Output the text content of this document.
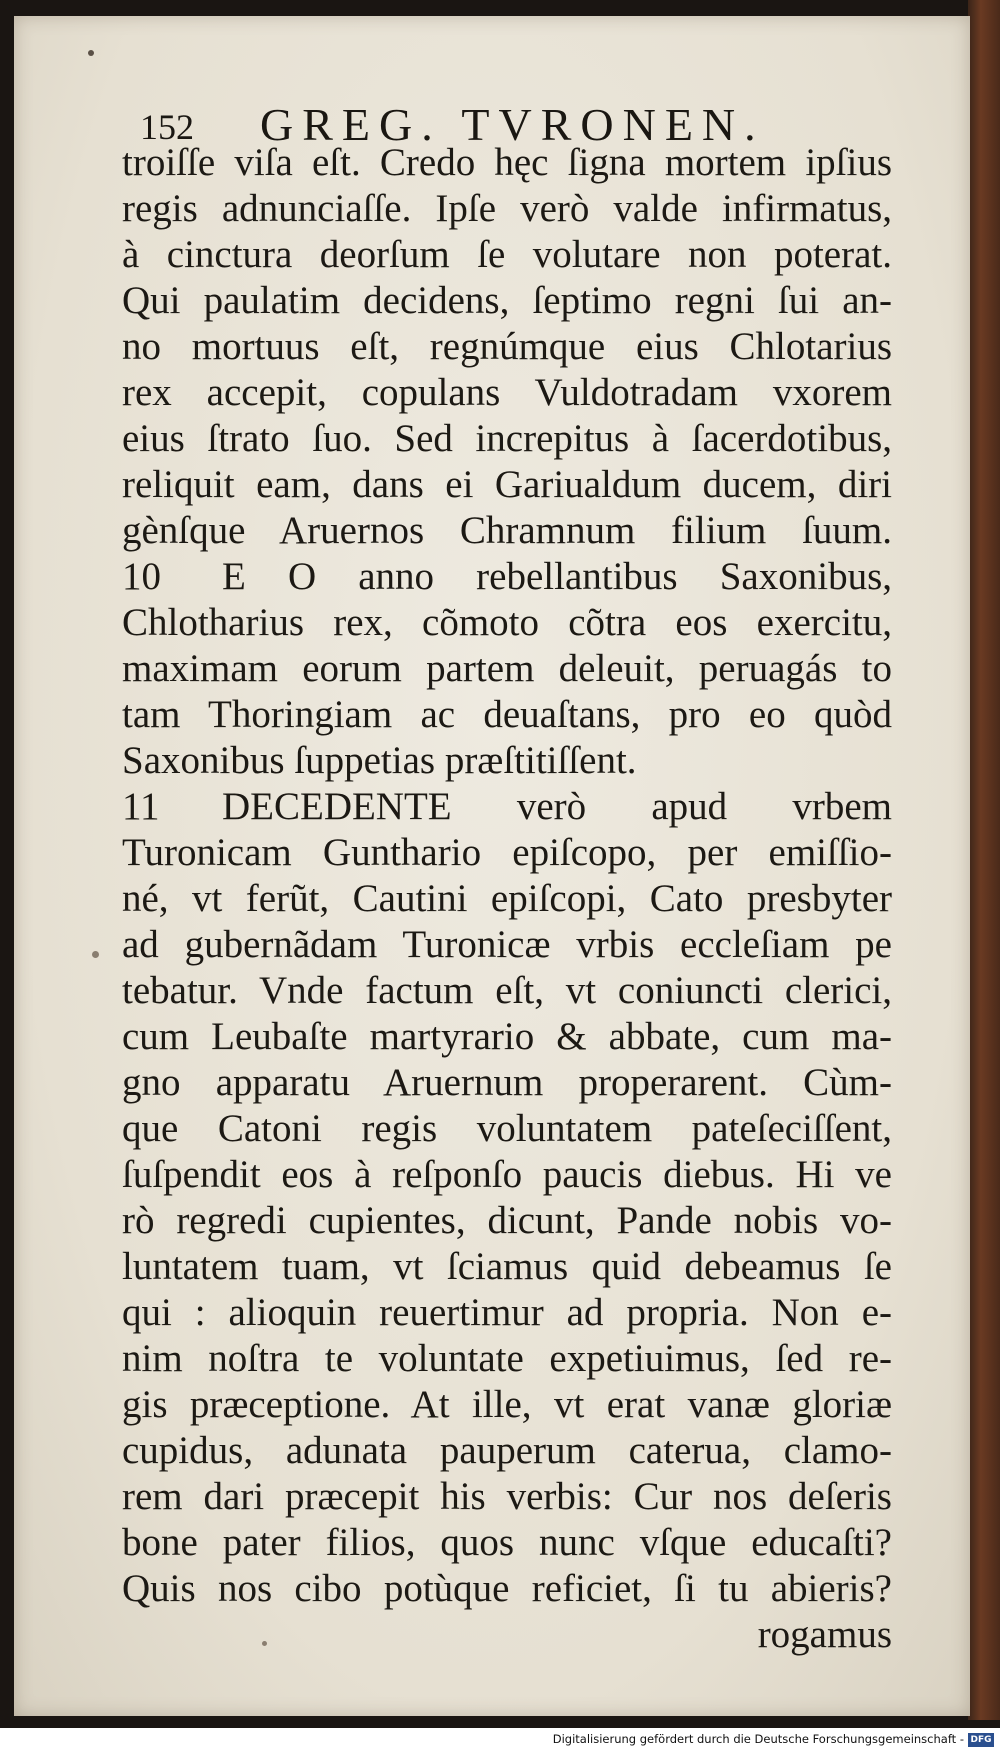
152 GREG. TVRONEN.
troiſſe viſa eſt. Credo hęc ſigna mortem ipſius
regis adnunciaſſe. Ipſe verò valde infirmatus,
à cinctura deorſum ſe volutare non poterat.
Qui paulatim decidens, ſeptimo regni ſui an-
no mortuus eſt, regnúmque eius Chlotarius
rex accepit, copulans Vuldotradam vxorem
eius ſtrato ſuo. Sed increpitus à ſacerdotibus,
reliquit eam, dans ei Gariualdum ducem, diri
gènſque Aruernos Chramnum filium ſuum.
10 E O anno rebellantibus Saxonibus,
Chlotharius rex, cõmoto cõtra eos exercitu,
maximam eorum partem deleuit, peruagás to
tam Thoringiam ac deuaſtans, pro eo quòd
Saxonibus ſuppetias præſtitiſſent.
11 DECEDENTE verò apud vrbem
Turonicam Gunthario epiſcopo, per emiſſio-
né, vt ferũt, Cautini epiſcopi, Cato presbyter
ad gubernãdam Turonicæ vrbis eccleſiam pe
tebatur. Vnde factum eſt, vt coniuncti clerici,
cum Leubaſte martyrario & abbate, cum ma-
gno apparatu Aruernum properarent. Cùm-
que Catoni regis voluntatem pateſeciſſent,
ſuſpendit eos à reſponſo paucis diebus. Hi ve
rò regredi cupientes, dicunt, Pande nobis vo-
luntatem tuam, vt ſciamus quid debeamus ſe
qui : alioquin reuertimur ad propria. Non e-
nim noſtra te voluntate expetiuimus, ſed re-
gis præceptione. At ille, vt erat vanæ gloriæ
cupidus, adunata pauperum caterua, clamo-
rem dari præcepit his verbis: Cur nos deſeris
bone pater filios, quos nunc vſque educaſti?
Quis nos cibo potùque reficiet, ſi tu abieris?
rogamus
Digitalisierung gefördert durch die Deutsche Forschungsgemeinschaft - DFG
